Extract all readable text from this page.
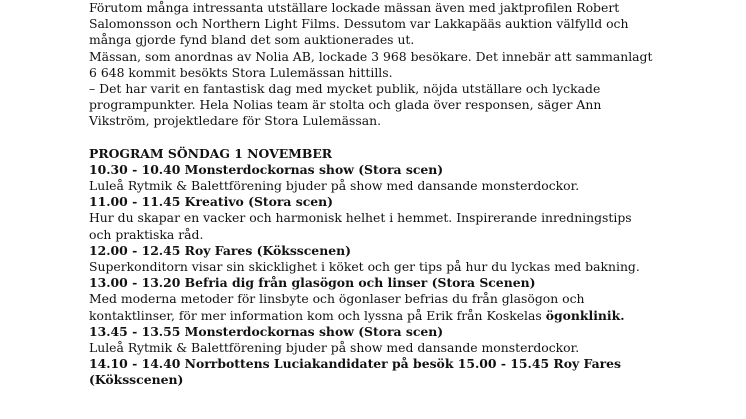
Förutom många intressanta utställare lockade mässan även med jaktprofilen Robert
Salomonsson och Northern Light Films. Dessutom var Lakkapääs auktion välfylld och
många gjorde fynd bland det som auktionerades ut.
Mässan, som anordnas av Nolia AB, lockade 3 968 besökare. Det innebär att sammanlagt
6 648 kommit besökts Stora Lulemässan hittills.
– Det har varit en fantastisk dag med mycket publik, nöjda utställare och lyckade
programpunkter. Hela Nolias team är stolta och glada över responsen, säger Ann
Vikström, projektledare för Stora Lulemässan.
PROGRAM SÖNDAG 1 NOVEMBER
10.30 - 10.40 Monsterdockornas show (Stora scen)
Luleå Rytmik & Balettförening bjuder på show med dansande monsterdockor.
11.00 - 11.45 Kreativo (Stora scen)
Hur du skapar en vacker och harmonisk helhet i hemmet. Inspirerande inredningstips
och praktiska råd.
12.00 - 12.45 Roy Fares (Köksscenen)
Superkonditorn visar sin skicklighet i köket och ger tips på hur du lyckas med bakning.
13.00 - 13.20 Befria dig från glasögon och linser (Stora Scenen)
Med moderna metoder för linsbyte och ögonlaser befrias du från glasögon och
kontaktlinser, för mer information kom och lyssna på Erik från Koskelas ögonklinik.
13.45 - 13.55 Monsterdockornas show (Stora scen)
Luleå Rytmik & Balettförening bjuder på show med dansande monsterdockor.
14.10 - 14.40 Norrbottens Luciakandidater på besök 15.00 - 15.45 Roy Fares
(Köksscenen)
